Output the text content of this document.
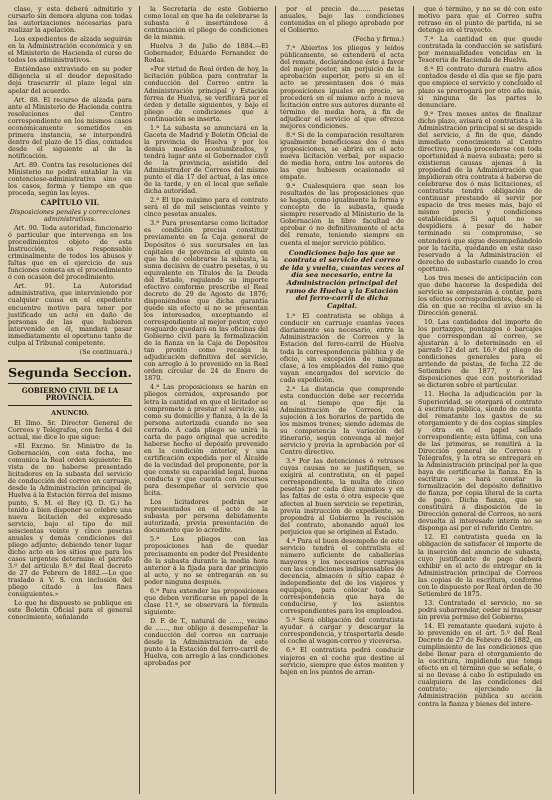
clase, y esta deberá admitirlo y cursarlo sin demora alguna con todas las autorizaciones necesarias para realizar la apelación.

Los expedientes de alzada seguirán en la Administración económica y en el Ministerio de Hacienda el curso de todos los administrativos.

Entiéndase extraviado en su poder diligencia si el deudor depositado deja trascurrir el plazo legal sin apelar del acuerdo.

Art. 88. El recurso de alzada para ante el Ministerio de Hacienda contra resoluciones del Centro correspondiente en los mismos casos económicamente sometidos en primera instancia, se interpondrá dentro del plazo de 15 días, contados desde el siguiente al de la notificación.

Art. 89. Contra las resoluciones del Ministerio no podrá entablar la vía contencioso-administrativa sino en los casos, forma y tiempo en que proceda, según las leyes.

CAPÍTULO VII.

Disposiciones penales y correcciones administrativas.

Art. 90. Toda autoridad, funcionario ó particular que intervenga en los procedimientos objeto de esta Instrucción, es responsable criminalmente de todos los abusos y faltas que en el ejercicio de sus funciones cometa en el procedimiento ó con ocasión del procedimiento.

Art. 91. La Autoridad administrativa, que interviniendo por cualquier causa en el expediente encuentre motivo para tener por justificado un acto en daño de personas de las que hubieren intervenido en él, mandará pasar inmediatamente el oportuno tanto de culpa al Tribunal competente.

(Se continuará.)

Segunda Seccion.

GOBIERNO CIVIL DE LA PROVINCIA.

ANUNCIO.

El Ilmo. Sr. Director General de Correos y Telégrafos, con fecha 4 del actual, me dice lo que sigue:

«El Excmo. Sr. Ministro de la Gobernación, con esta fecha, me comunica la Real orden siguiente: En vista de no haberse presentado licitadores en la subasta del servicio de conducción del correo en carruaje, desde la Administración principal de Huelva á la Estación férrea del mismo punto, S. M. el Rey (Q. D. G.) ha tenido á bien disponer se celebre una nueva licitación del expresado servicio, bajo el tipo de mil seiscientas veinte y cinco pesetas anuales y demás condiciones del pliego adjunto; debiendo tener lugar dicho acto en los sitios que para los casos urgentes determine el párrafo 3.º del artículo 8.º del Real decreto de 27 de Febrero de 1882.—Lo que traslado á V. S. con inclusión del pliego citado á los fines consiguientes.»

Lo que he dispuesto se publique en este Boletín Oficial para el general conocimiento, señalando

la Secretaría de este Gobierno como local en que ha de celebrarse la subasta é insertándose á continuación el pliego de condiciones de la misma.

Huelva 3 de Julio de 1884.—El Gobernador, Eduardo Fernandez de Rodas.

«Por virtud de Real órden de hoy, la licitación pública para contratar la conducción del Correo entre la Administración principal y Estación férrea de Huelva, se verificará por el órden y detalle siguientes, y bajo el pliego de condiciones que á continuación se inserta.

1.ª La subasta se anunciará en la Gaceta de Madrid y Boletín Oficial de la provincia de Huelva y por los demás medios acostumbrados, y tendrá lugar ante el Gobernador civil de la provincia, asistido del Administrador de Correos del mismo punto el día 17 del actual, á las once de la tarde, y en el local que señale dicha autoridad.

2.ª El tipo máximo para el contrato será el de mil seiscientas veinte y cinco pesetas anuales.

3.ª Para presentarse como licitador es condición precisa constituir previamente en la Caja general de Depósitos ó sus sucursales en las capitales de provincia el quinto en que ha de celebrarse la subasta, la suma decisiva de cuatro pesetas, ó su equivalente en Títulos de la Deuda del Estado, regulando su importe efectivo conforme prescribe el Real decreto de 29 de Agosto de 1876; disponiéndose que dicha garantía quede sin efecto si no se presentan los interesados, exceptuando el correspondiente al mejor postor, cuyo resguardo quedará en las oficinas del Gobierno civil para la formalización de la fianza en la Caja de Depósitos tan pronto como recaiga la adjudicación definitiva del servicio, con arreglo á lo prevenido en la Real orden circular de 24 de Enero de 1870.

4.ª Las proposiciones se harán en pliegos cerrados, expresando por letra la cantidad en que el licitador se compromete á prestar el servicio, así como su domicilio y fianza, á la de la persona autorizada cuando no sea cerrado. A cada pliego se unirá la carta de pago original que acredite haberse hecho el depósito prevenido en la condición anterior, y una certificación expedida por el Alcalde de la vecindad del proponente, por la que conste su capacidad legal, buena conducta y que cuenta con recursos para desempeñar el servicio que licita.

Los licitadores podrán ser representados en el acto de la subasta por persona debidamente autorizada, previa presentación de documento que lo acredite.

5.ª Los pliegos con las proposiciones han de quedar precisamente en poder del Presidente de la subasta durante la media hora anterior á la fijada para dar principio al acto, y no se entregarán en su poder ninguna después.

6.ª Para extender las proposiciones que deben verificarse en papel de la clase 11.ª, se observará la fórmula siguiente:

D. F. de T., natural de ......, vecino de ......, me obligo á desempeñar la conducción del correo en carruaje desde la Administración de este punto á la Estación del ferro-carril de Huelva, con arreglo á las condiciones aprobadas por

por el precio de...... pesetas anuales, bajo las condiciones contenidas en el pliego aprobado por el Gobierno.

(Fecha y firma.)

7.ª Abiertos los pliegos y leídos públicamente, se extenderá el acta del remate, declarándose éste á favor del mejor postor, sin perjuicio de la aprobación superior, pero si en el acto se presentasen dos ó más proposiciones iguales en precio, se procederá en el mismo acto á nueva licitación entre sus autores durante el término de media hora, á fin de adjudicar el servicio al que ofrezca mejores condiciones.

8.ª Si de la comparación resultaren igualmente beneficiosas dos ó más proposiciones, se abrirá en el acto nueva licitación verbal, por espacio de media hora, entre los autores de las que hubiesen ocasionado el empate.

9.ª Cualesquiera que sean los resultados de las proposiciones que se hagan, como igualmente la forma y concepto de la subasta, queda siempre reservado al Ministerio de la Gobernación la libre facultad de aprobar ó no definitivamente el acta del remate, teniendo siempre en cuenta el mejor servicio público.

Condiciones bajo las que se contrata el servicio del correo de ida y vuelta, cuantas veces al día sea necesario, entre la Administración principal del ramo de Huelva y la Estación del ferro-carril de dicha Capital.

1.ª El contratista se obliga á conducir en carruaje cuantas veces diariamente sea necesario, entre la Administración de Correos y la Estación del ferro-carril de Huelva toda la correspondencia pública y de oficio, sin excepción de ninguna clase, á los empleados del ramo que vayan encargados del servicio de cada expedición.

2.ª La distancia que comprende esta conducción debe ser recorrida en el tiempo que fije la Administración de Correos, con sujeción á los horarios de partida de los mismos trenes; siendo además de su competencia la variación del itinerario, según convenga al mejor servicio y previa la aprobación por el Centro directivo.

3.ª Por las detenciones ó retrasos cuyas causas no se justifiquen, se exigirá al contratista, en el papel correspondiente, la multa de cinco pesetas por cada diez minutos y en las faltas de esta ó otra especie que afecten al buen servicio se repetirán, previa instrucción de expediente, se propondrá al Gobierno la rescisión del contrato, abonando aquél los perjuicios que se originen al Estado.

4.ª Para el buen desempeño de este servicio tendrá el contratista el número suficiente de caballerías mayores y los necesarios carruajes con las condiciones indispensables de decencia, almacén ó sitio capaz é independiente del de los viajeros y equipajes, para colocar toda la correspondencia que haya de conducirse, y los asientos correspondientes para los empleados.

5.ª Será obligación del contratista ayudar á cargar y descargar la correspondencia, y trasportarla desde el coche al wagon-correo y viceversa.

6.ª El contratista podrá conducir viajeros en el coche que destine al servicio, siempre que éstos monten y bajen en los puntos de arran-

que ó término, y no se dé con este motivo para que el Correo sufra retraso en el punto de partida, ni se detenga en el trayecto.

7.ª La cantidad en que quede contratada la conducción se satisfará por mensualidades vencidas en la Tesorería de Hacienda de Huelva.

8.ª El contrato durará cuatro años contados desde el día que se fije para que empiece el servicio y concluido el plazo se prorrogará por otro año más, si ninguna de las partes lo denunciare.

9.ª Tres meses antes de finalizar dicho plazo, avisará el contratista á la Administración principal si se despide del servicio, á fin de que, dando inmediato conocimiento al Centro directivo, pueda procederse con toda oportunidad á nueva subasta; pero si existieran causas ajenas á la propiedad de la Administración que impidieran otra contrata á haberse de celebrarse dos ó más licitaciones, el contratista tendrá obligación de continuar prestando el servir por espacio de tres meses más, bajo el mismo precio y condiciones establecidas. Si aquél no se despidiera á pesar de haber terminado su compromiso, se entenderá que sigue desempeñándolo por la tácita, quedando en este caso reservado á la Administración el derecho de subastarlo cuando lo crea oportuno.

Los tres meses de anticipación con que debe hacerse la despedida del servicio se empezarán á contar, para los efectos correspondientes, desde el día en que se reciba el aviso en la Dirección general.

10. Las cantidades del importe de los portazgos, pontazgos ó barcajes que correspondan al correo, se ajustarán á lo determinado en el párrafo 12 del art. 16.º del pliego de condiciones generales para el arriendo de postas, de fecha 22 de Setiembre de 1877, y á las disposiciones que con posterioridad se dictaren sobre el particular.

11. Hecha la adjudicación por la Superioridad, se otorgará el contrato á escritura pública, siendo de cuenta del rematante los gastos de su otorgamiento y de dos copias simples y otra en el papel sellado correspondiente; esta última, con una de las primeras, se remitirá á la Dirección general de Correos y Telégrafos, y la otra se entregará en la Administración principal por la que haya de certificarse la fianza. En la escritura se hará constar la formalización del depósito definitivo de fianza, por copia literal de la carta de pago. Dicha fianza, que se constituirá á disposición de la Dirección general de Correos, no será devuelta al interesado interin no se disponga así por el referido Centro.

12. El contratista queda en la obligación de satisfacer el importe de la inserción del anuncio de subasta, cuyo justificante de pago deberá exhibir en el acto de entregar en la Administración principal de Correos las copias de la escritura, conforme con lo dispuesto por Real órden de 30 Setiembre de 1875.

13. Contratado el servicio, no se podrá subarrendar, ceder ni traspasar sin previa permiso del Gobierno.

14. El rematante quedará sujeto á lo prevenido en el art. 5.º del Real Decreto de 27 de Febrero de 1882, en cumplimiento de las condiciones que debe llenar para el otorgamiento de la escritura, impidiendo que tenga efecto en el término que se señale, ó si no llevase á cabo lo estipulado en cualquiera de las condiciones del contrato; ejerciendo la Administración pública su acción contra la fianza y bienes del intere-
